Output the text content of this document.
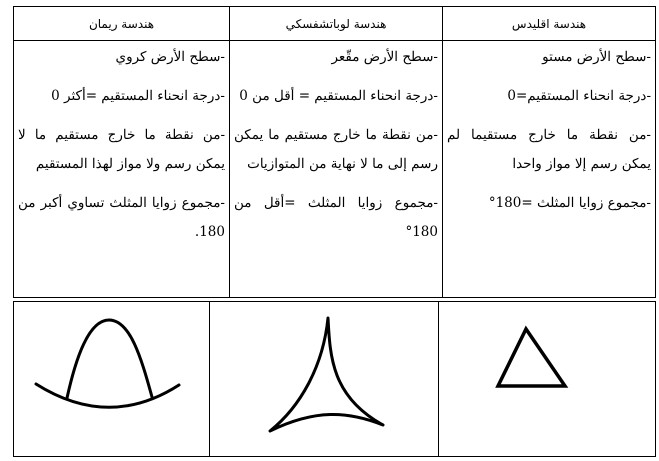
هندسة اقليدس
هندسة لوباتشفسكي
هندسة ريمان

-سطح الأرض مستو

-درجة انحناء المستقيم=0

-من نقطة ما خارج مستقيما لم يمكن رسم إلا مواز واحدا

-مجموع زوايا المثلث =180°

-سطح الأرض مقّعر

-درجة انحناء المستقيم = أقل من 0

-من نقطة ما خارج مستقيم ما يمكن رسم إلى ما لا نهاية من المتوازيات

-مجموع زوايا المثلث =أقل من 180°

-سطح الأرض كروي

-درجة انحناء المستقيم =أكثر 0

-من نقطة ما خارج مستقيم ما لا يمكن رسم ولا مواز لهذا المستقيم

-مجموع زوايا المثلث تساوي أكبر من 180.
